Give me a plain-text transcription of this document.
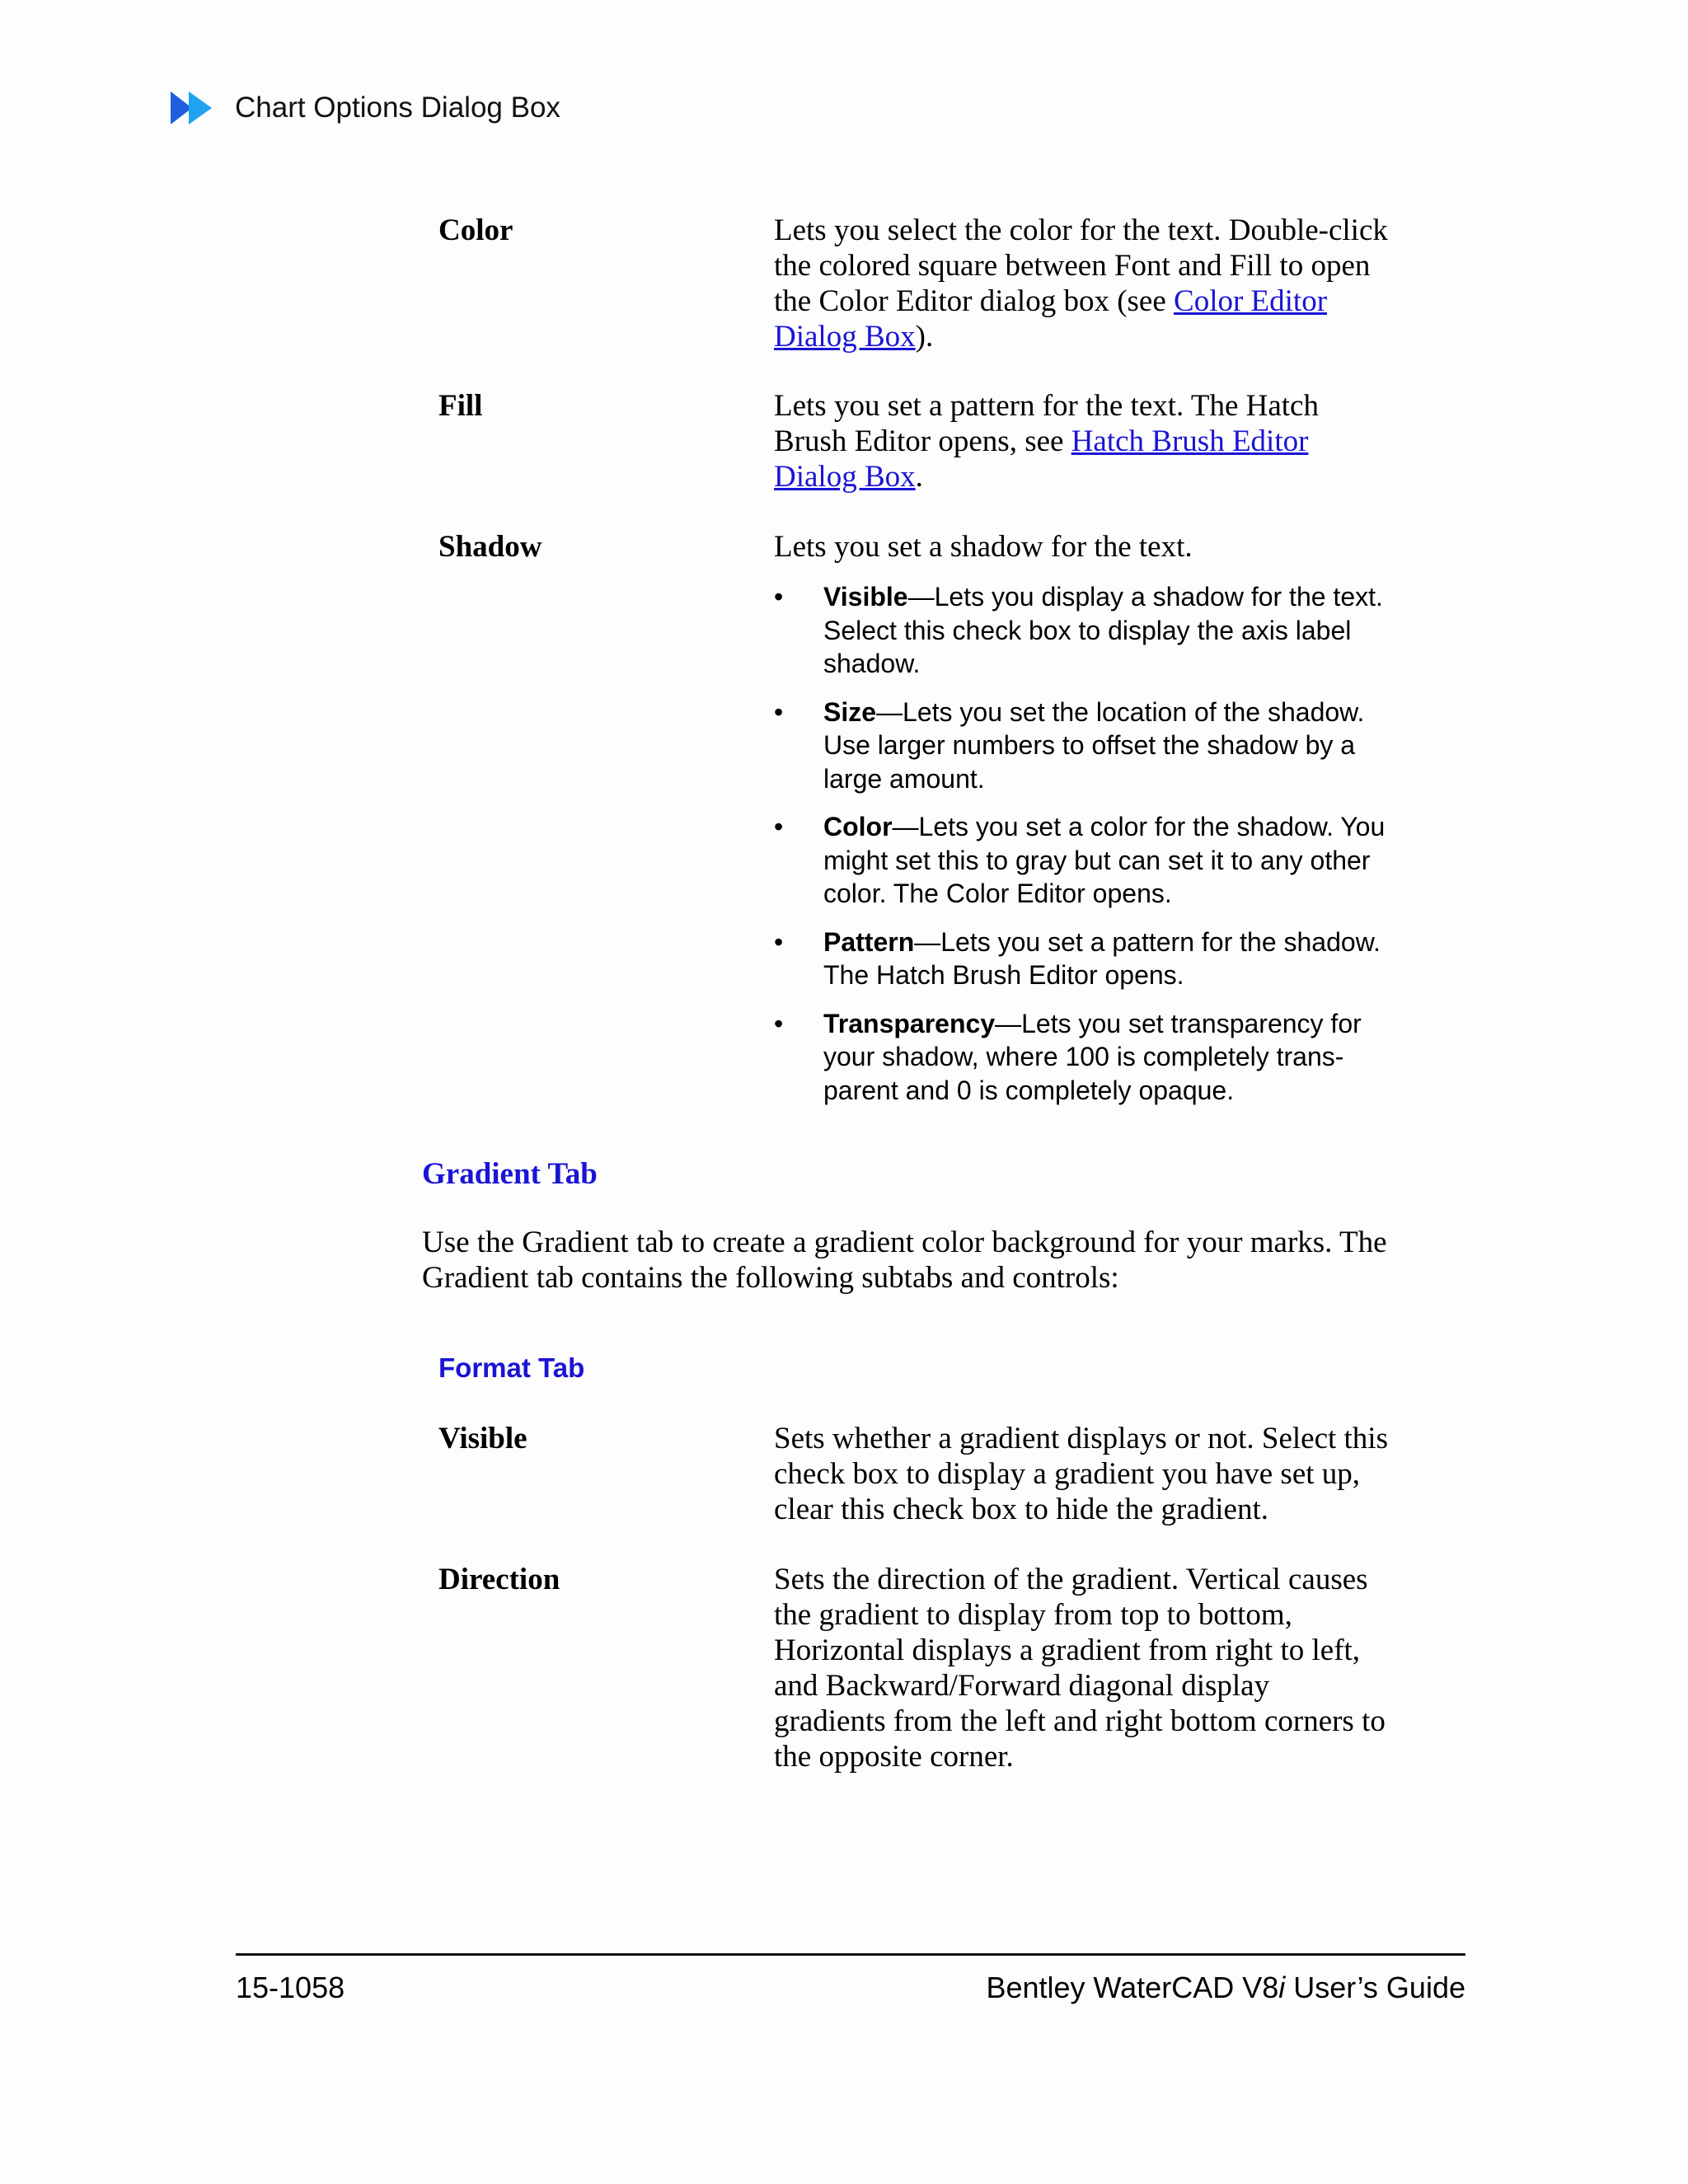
Chart Options Dialog Box
Color	Lets you select the color for the text. Double-click the colored square between Font and Fill to open the Color Editor dialog box (see Color Editor Dialog Box).
Fill	Lets you set a pattern for the text. The Hatch Brush Editor opens, see Hatch Brush Editor Dialog Box.
Shadow	Lets you set a shadow for the text.
• Visible—Lets you display a shadow for the text. Select this check box to display the axis label shadow.
• Size—Lets you set the location of the shadow. Use larger numbers to offset the shadow by a large amount.
• Color—Lets you set a color for the shadow. You might set this to gray but can set it to any other color. The Color Editor opens.
• Pattern—Lets you set a pattern for the shadow. The Hatch Brush Editor opens.
• Transparency—Lets you set transparency for your shadow, where 100 is completely trans-parent and 0 is completely opaque.
Gradient Tab
Use the Gradient tab to create a gradient color background for your marks. The Gradient tab contains the following subtabs and controls:
Format Tab
Visible	Sets whether a gradient displays or not. Select this check box to display a gradient you have set up, clear this check box to hide the gradient.
Direction	Sets the direction of the gradient. Vertical causes the gradient to display from top to bottom, Horizontal displays a gradient from right to left, and Backward/Forward diagonal display gradients from the left and right bottom corners to the opposite corner.
15-1058	Bentley WaterCAD V8i User’s Guide
